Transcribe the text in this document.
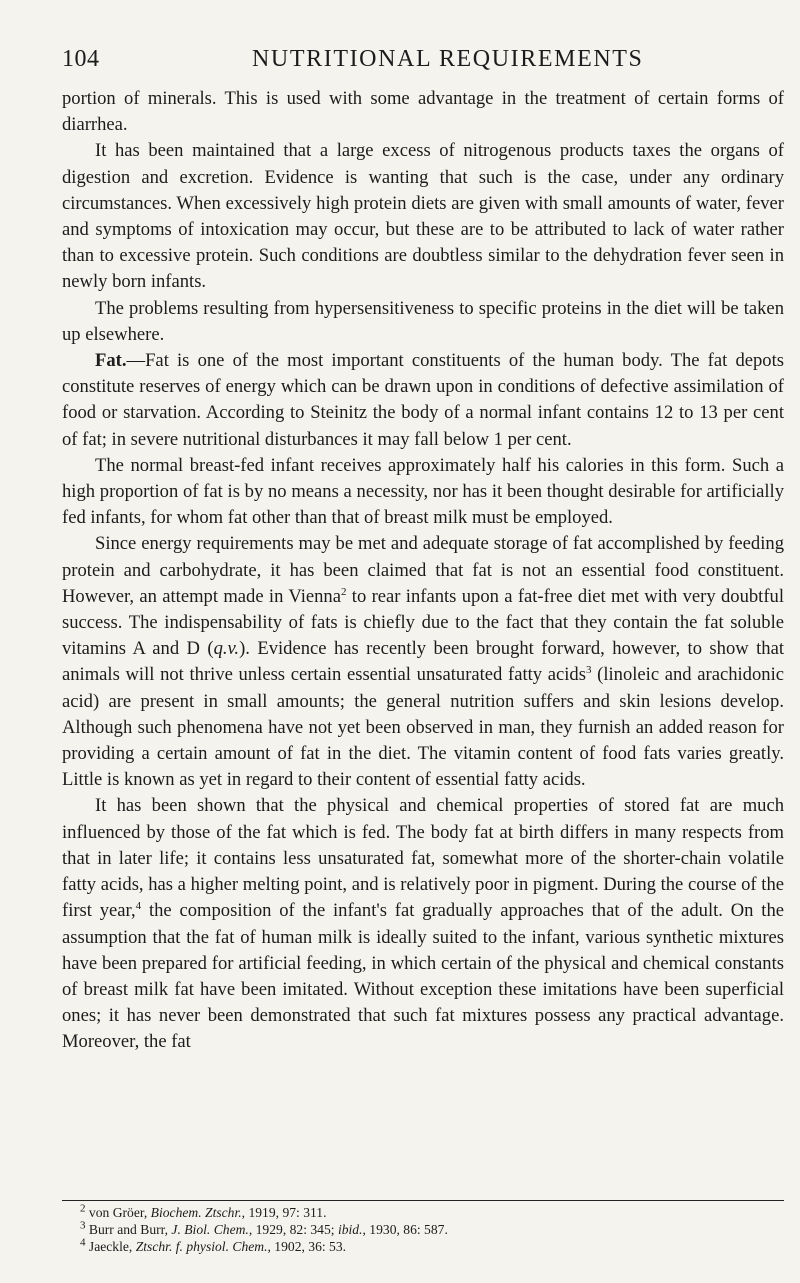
104	NUTRITIONAL REQUIREMENTS

portion of minerals. This is used with some advantage in the treatment of certain forms of diarrhea.

It has been maintained that a large excess of nitrogenous products taxes the organs of digestion and excretion. Evidence is wanting that such is the case, under any ordinary circumstances. When excessively high protein diets are given with small amounts of water, fever and symptoms of intoxication may occur, but these are to be attributed to lack of water rather than to excessive protein. Such conditions are doubtless similar to the dehydration fever seen in newly born infants.

The problems resulting from hypersensitiveness to specific proteins in the diet will be taken up elsewhere.

Fat.—Fat is one of the most important constituents of the human body. The fat depots constitute reserves of energy which can be drawn upon in conditions of defective assimilation of food or starvation. According to Steinitz the body of a normal infant contains 12 to 13 per cent of fat; in severe nutritional disturbances it may fall below 1 per cent.

The normal breast-fed infant receives approximately half his calories in this form. Such a high proportion of fat is by no means a necessity, nor has it been thought desirable for artificially fed infants, for whom fat other than that of breast milk must be employed.

Since energy requirements may be met and adequate storage of fat accomplished by feeding protein and carbohydrate, it has been claimed that fat is not an essential food constituent. However, an attempt made in Vienna$^2$ to rear infants upon a fat-free diet met with very doubtful success. The indispensability of fats is chiefly due to the fact that they contain the fat soluble vitamins A and D (q.v.). Evidence has recently been brought forward, however, to show that animals will not thrive unless certain essential unsaturated fatty acids$^3$ (linoleic and arachidonic acid) are present in small amounts; the general nutrition suffers and skin lesions develop. Although such phenomena have not yet been observed in man, they furnish an added reason for providing a certain amount of fat in the diet. The vitamin content of food fats varies greatly. Little is known as yet in regard to their content of essential fatty acids.

It has been shown that the physical and chemical properties of stored fat are much influenced by those of the fat which is fed. The body fat at birth differs in many respects from that in later life; it contains less unsaturated fat, somewhat more of the shorter-chain volatile fatty acids, has a higher melting point, and is relatively poor in pigment. During the course of the first year,$^4$ the composition of the infant's fat gradually approaches that of the adult. On the assumption that the fat of human milk is ideally suited to the infant, various synthetic mixtures have been prepared for artificial feeding, in which certain of the physical and chemical constants of breast milk fat have been imitated. Without exception these imitations have been superficial ones; it has never been demonstrated that such fat mixtures possess any practical advantage. Moreover, the fat

$^2$ von Gröer, Biochem. Ztschr., 1919, 97: 311.
$^3$ Burr and Burr, J. Biol. Chem., 1929, 82: 345; ibid., 1930, 86: 587.
$^4$ Jaeckle, Ztschr. f. physiol. Chem., 1902, 36: 53.
